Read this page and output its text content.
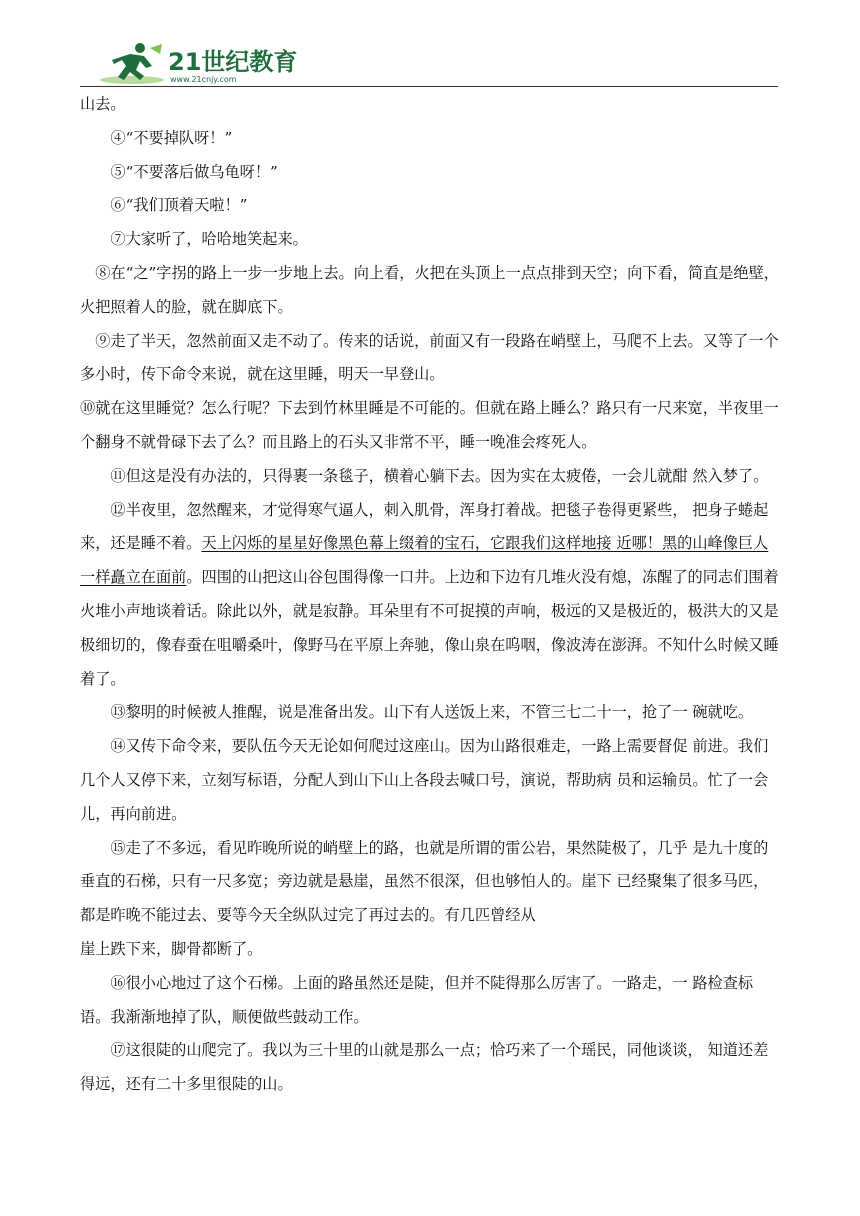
21世纪教育
www.21cnjy.com

山去。

④“不要掉队呀！”

⑤“不要落后做乌龟呀！”

⑥“我们顶着天啦！”

⑦大家听了，哈哈地笑起来。

⑧在“之”字拐的路上一步一步地上去。向上看，火把在头顶上一点点排到天空；向下看，简直是绝壁，火把照着人的脸，就在脚底下。

⑨走了半天，忽然前面又走不动了。传来的话说，前面又有一段路在峭壁上，马爬不上去。又等了一个多小时，传下命令来说，就在这里睡，明天一早登山。

⑩就在这里睡觉？怎么行呢？下去到竹林里睡是不可能的。但就在路上睡么？路只有一尺来宽，半夜里一个翻身不就骨碌下去了么？而且路上的石头又非常不平，睡一晚准会疼死人。

⑪但这是没有办法的，只得裹一条毯子，横着心躺下去。因为实在太疲倦，一会儿就酣 然入梦了。

⑫半夜里，忽然醒来，才觉得寒气逼人，刺入肌骨，浑身打着战。把毯子卷得更紧些， 把身子蜷起来，还是睡不着。天上闪烁的星星好像黑色幕上缀着的宝石，它跟我们这样地接 近哪！黑的山峰像巨人一样矗立在面前。四围的山把这山谷包围得像一口井。上边和下边有几堆火没有熄，冻醒了的同志们围着火堆小声地谈着话。除此以外，就是寂静。耳朵里有不可捉摸的声响，极远的又是极近的，极洪大的又是极细切的，像春蚕在咀嚼桑叶，像野马在平原上奔驰，像山泉在呜咽，像波涛在澎湃。不知什么时候又睡着了。

⑬黎明的时候被人推醒，说是准备出发。山下有人送饭上来，不管三七二十一，抢了一 碗就吃。

⑭又传下命令来，要队伍今天无论如何爬过这座山。因为山路很难走，一路上需要督促 前进。我们几个人又停下来，立刻写标语，分配人到山下山上各段去喊口号，演说，帮助病 员和运输员。忙了一会儿，再向前进。

⑮走了不多远，看见昨晚所说的峭壁上的路，也就是所谓的雷公岩，果然陡极了，几乎 是九十度的垂直的石梯，只有一尺多宽；旁边就是悬崖，虽然不很深，但也够怕人的。崖下 已经聚集了很多马匹，都是昨晚不能过去、要等今天全纵队过完了再过去的。有几匹曾经从

崖上跌下来，脚骨都断了。

⑯很小心地过了这个石梯。上面的路虽然还是陡，但并不陡得那么厉害了。一路走，一 路检查标语。我渐渐地掉了队，顺便做些鼓动工作。

⑰这很陡的山爬完了。我以为三十里的山就是那么一点；恰巧来了一个瑶民，同他谈谈， 知道还差得远，还有二十多里很陡的山。
